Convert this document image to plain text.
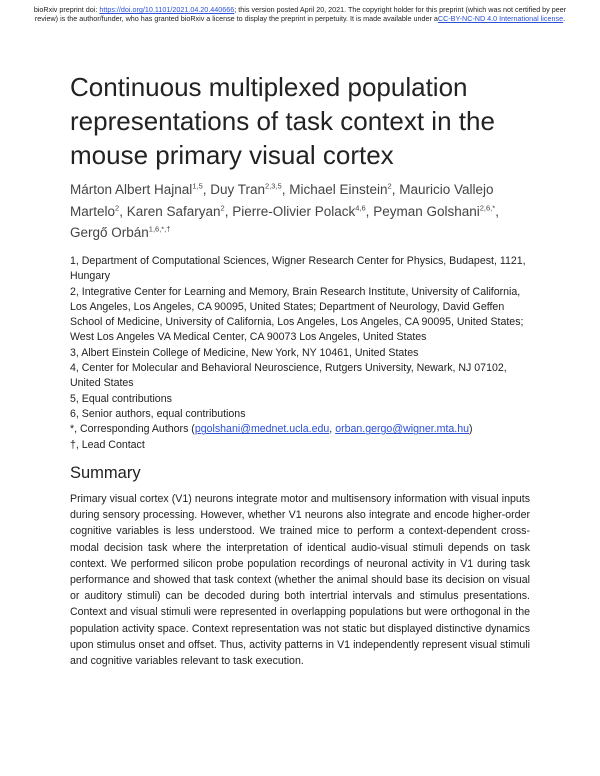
bioRxiv preprint doi: https://doi.org/10.1101/2021.04.20.440666; this version posted April 20, 2021. The copyright holder for this preprint (which was not certified by peer review) is the author/funder, who has granted bioRxiv a license to display the preprint in perpetuity. It is made available under aCC-BY-NC-ND 4.0 International license.
Continuous multiplexed population representations of task context in the mouse primary visual cortex
Márton Albert Hajnal$^{1,5}$, Duy Tran$^{2,3,5}$, Michael Einstein$^2$, Mauricio Vallejo Martelo$^2$, Karen Safaryan$^2$, Pierre-Olivier Polack$^{4,6}$, Peyman Golshani$^{2,6,*}$, Gergő Orbán$^{1,6,*,\dagger}$

1, Department of Computational Sciences, Wigner Research Center for Physics, Budapest, 1121, Hungary

2, Integrative Center for Learning and Memory, Brain Research Institute, University of California, Los Angeles, Los Angeles, CA 90095, United States; Department of Neurology, David Geffen School of Medicine, University of California, Los Angeles, Los Angeles, CA 90095, United States; West Los Angeles VA Medical Center, CA 90073 Los Angeles, United States

3, Albert Einstein College of Medicine, New York, NY 10461, United States

4, Center for Molecular and Behavioral Neuroscience, Rutgers University, Newark, NJ 07102, United States

5, Equal contributions

6, Senior authors, equal contributions

*, Corresponding Authors (pgolshani@mednet.ucla.edu, orban.gergo@wigner.mta.hu)

†, Lead Contact

Summary

Primary visual cortex (V1) neurons integrate motor and multisensory information with visual inputs during sensory processing. However, whether V1 neurons also integrate and encode higher-order cognitive variables is less understood. We trained mice to perform a context-dependent cross-modal decision task where the interpretation of identical audio-visual stimuli depends on task context. We performed silicon probe population recordings of neuronal activity in V1 during task performance and showed that task context (whether the animal should base its decision on visual or auditory stimuli) can be decoded during both intertrial intervals and stimulus presentations. Context and visual stimuli were represented in overlapping populations but were orthogonal in the population activity space. Context representation was not static but displayed distinctive dynamics upon stimulus onset and offset. Thus, activity patterns in V1 independently represent visual stimuli and cognitive variables relevant to task execution.
